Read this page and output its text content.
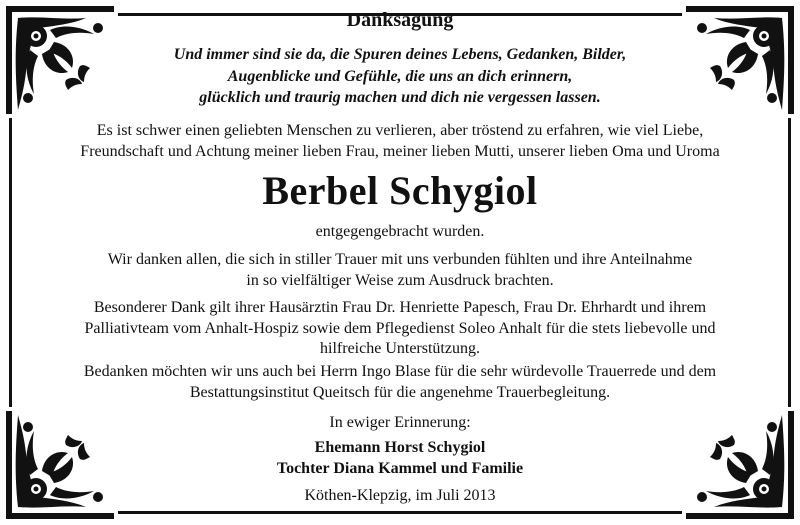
Danksagung
Und immer sind sie da, die Spuren deines Lebens, Gedanken, Bilder,
Augenblicke und Gefühle, die uns an dich erinnern,
glücklich und traurig machen und dich nie vergessen lassen.
Es ist schwer einen geliebten Menschen zu verlieren, aber tröstend zu erfahren, wie viel Liebe,
Freundschaft und Achtung meiner lieben Frau, meiner lieben Mutti, unserer lieben Oma und Uroma
Berbel Schygiol
entgegengebracht wurden.
Wir danken allen, die sich in stiller Trauer mit uns verbunden fühlten und ihre Anteilnahme
in so vielfältiger Weise zum Ausdruck brachten.
Besonderer Dank gilt ihrer Hausärztin Frau Dr. Henriette Papesch, Frau Dr. Ehrhardt und ihrem
Palliativteam vom Anhalt-Hospiz sowie dem Pflegedienst Soleo Anhalt für die stets liebevolle und
hilfreiche Unterstützung.
Bedanken möchten wir uns auch bei Herrn Ingo Blase für die sehr würdevolle Trauerrede und dem
Bestattungsinstitut Queitsch für die angenehme Trauerbegleitung.
In ewiger Erinnerung:
Ehemann Horst Schygiol
Tochter Diana Kammel und Familie
Köthen-Klepzig, im Juli 2013
